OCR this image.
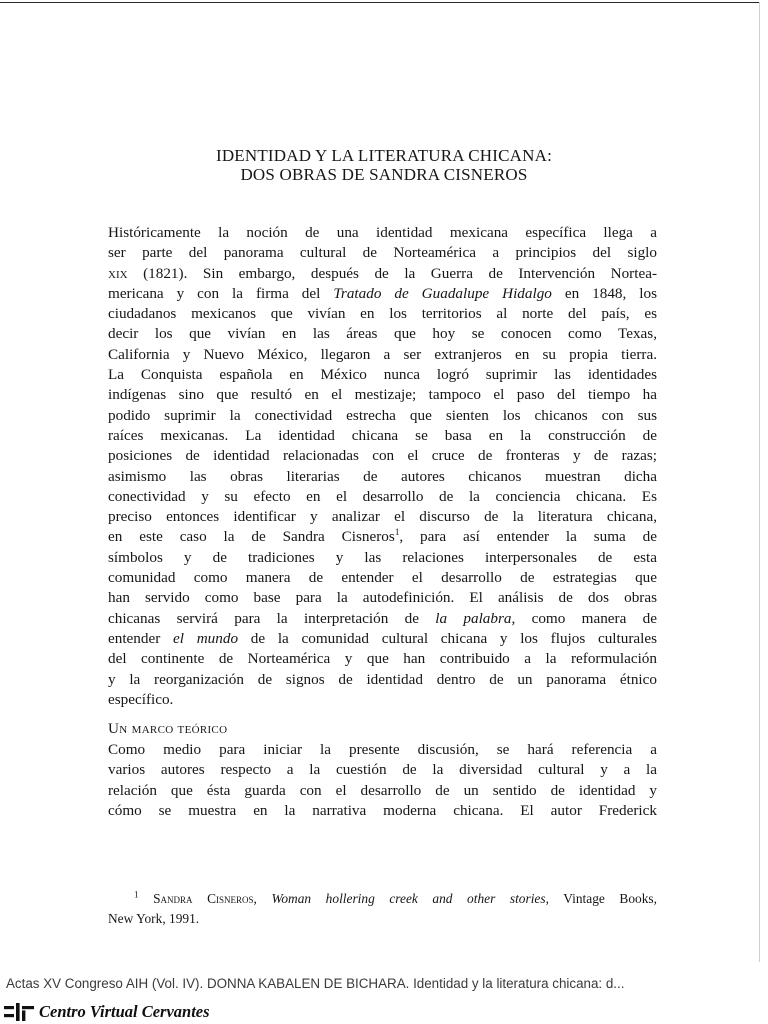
IDENTIDAD Y LA LITERATURA CHICANA:
DOS OBRAS DE SANDRA CISNEROS
Históricamente la noción de una identidad mexicana específica llega a
ser parte del panorama cultural de Norteamérica a principios del siglo
xix (1821). Sin embargo, después de la Guerra de Intervención Nortea-
mericana y con la firma del Tratado de Guadalupe Hidalgo en 1848, los
ciudadanos mexicanos que vivían en los territorios al norte del país, es
decir los que vivían en las áreas que hoy se conocen como Texas,
California y Nuevo México, llegaron a ser extranjeros en su propia tierra.
La Conquista española en México nunca logró suprimir las identidades
indígenas sino que resultó en el mestizaje; tampoco el paso del tiempo ha
podido suprimir la conectividad estrecha que sienten los chicanos con sus
raíces mexicanas. La identidad chicana se basa en la construcción de
posiciones de identidad relacionadas con el cruce de fronteras y de razas;
asimismo las obras literarias de autores chicanos muestran dicha
conectividad y su efecto en el desarrollo de la conciencia chicana. Es
preciso entonces identificar y analizar el discurso de la literatura chicana,
en este caso la de Sandra Cisneros$^1$, para así entender la suma de
símbolos y de tradiciones y las relaciones interpersonales de esta
comunidad como manera de entender el desarrollo de estrategias que
han servido como base para la autodefinición. El análisis de dos obras
chicanas servirá para la interpretación de la palabra, como manera de
entender el mundo de la comunidad cultural chicana y los flujos culturales
del continente de Norteamérica y que han contribuido a la reformulación
y la reorganización de signos de identidad dentro de un panorama étnico
específico.
Un marco teórico
Como medio para iniciar la presente discusión, se hará referencia a
varios autores respecto a la cuestión de la diversidad cultural y a la
relación que ésta guarda con el desarrollo de un sentido de identidad y
cómo se muestra en la narrativa moderna chicana. El autor Frederick
$^1$ Sandra Cisneros, Woman hollering creek and other stories, Vintage Books,
New York, 1991.
Actas XV Congreso AIH (Vol. IV). DONNA KABALEN DE BICHARA. Identidad y la literatura chicana: d...
Centro Virtual Cervantes
